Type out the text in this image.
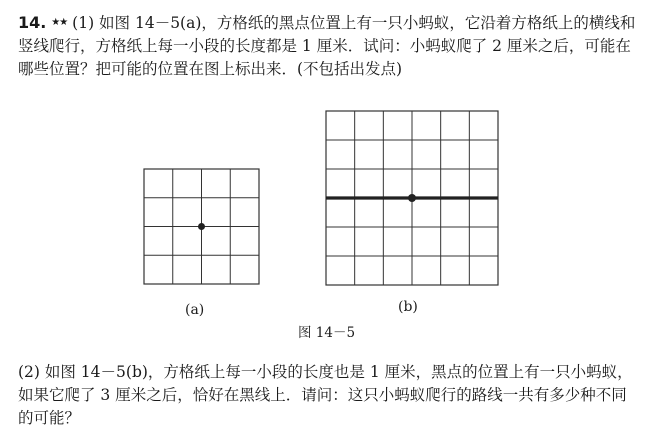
14. ★★ (1) 如图 14－5(a)，方格纸的黑点位置上有一只小蚂蚁，它沿着方格纸上的横线和竖线爬行，方格纸上每一小段的长度都是 1 厘米．试问：小蚂蚁爬了 2 厘米之后，可能在哪些位置？把可能的位置在图上标出来．(不包括出发点)

(a)	(b)
图 14－5

(2) 如图 14－5(b)，方格纸上每一小段的长度也是 1 厘米，黑点的位置上有一只小蚂蚁，如果它爬了 3 厘米之后，恰好在黑线上．请问：这只小蚂蚁爬行的路线一共有多少种不同的可能？
